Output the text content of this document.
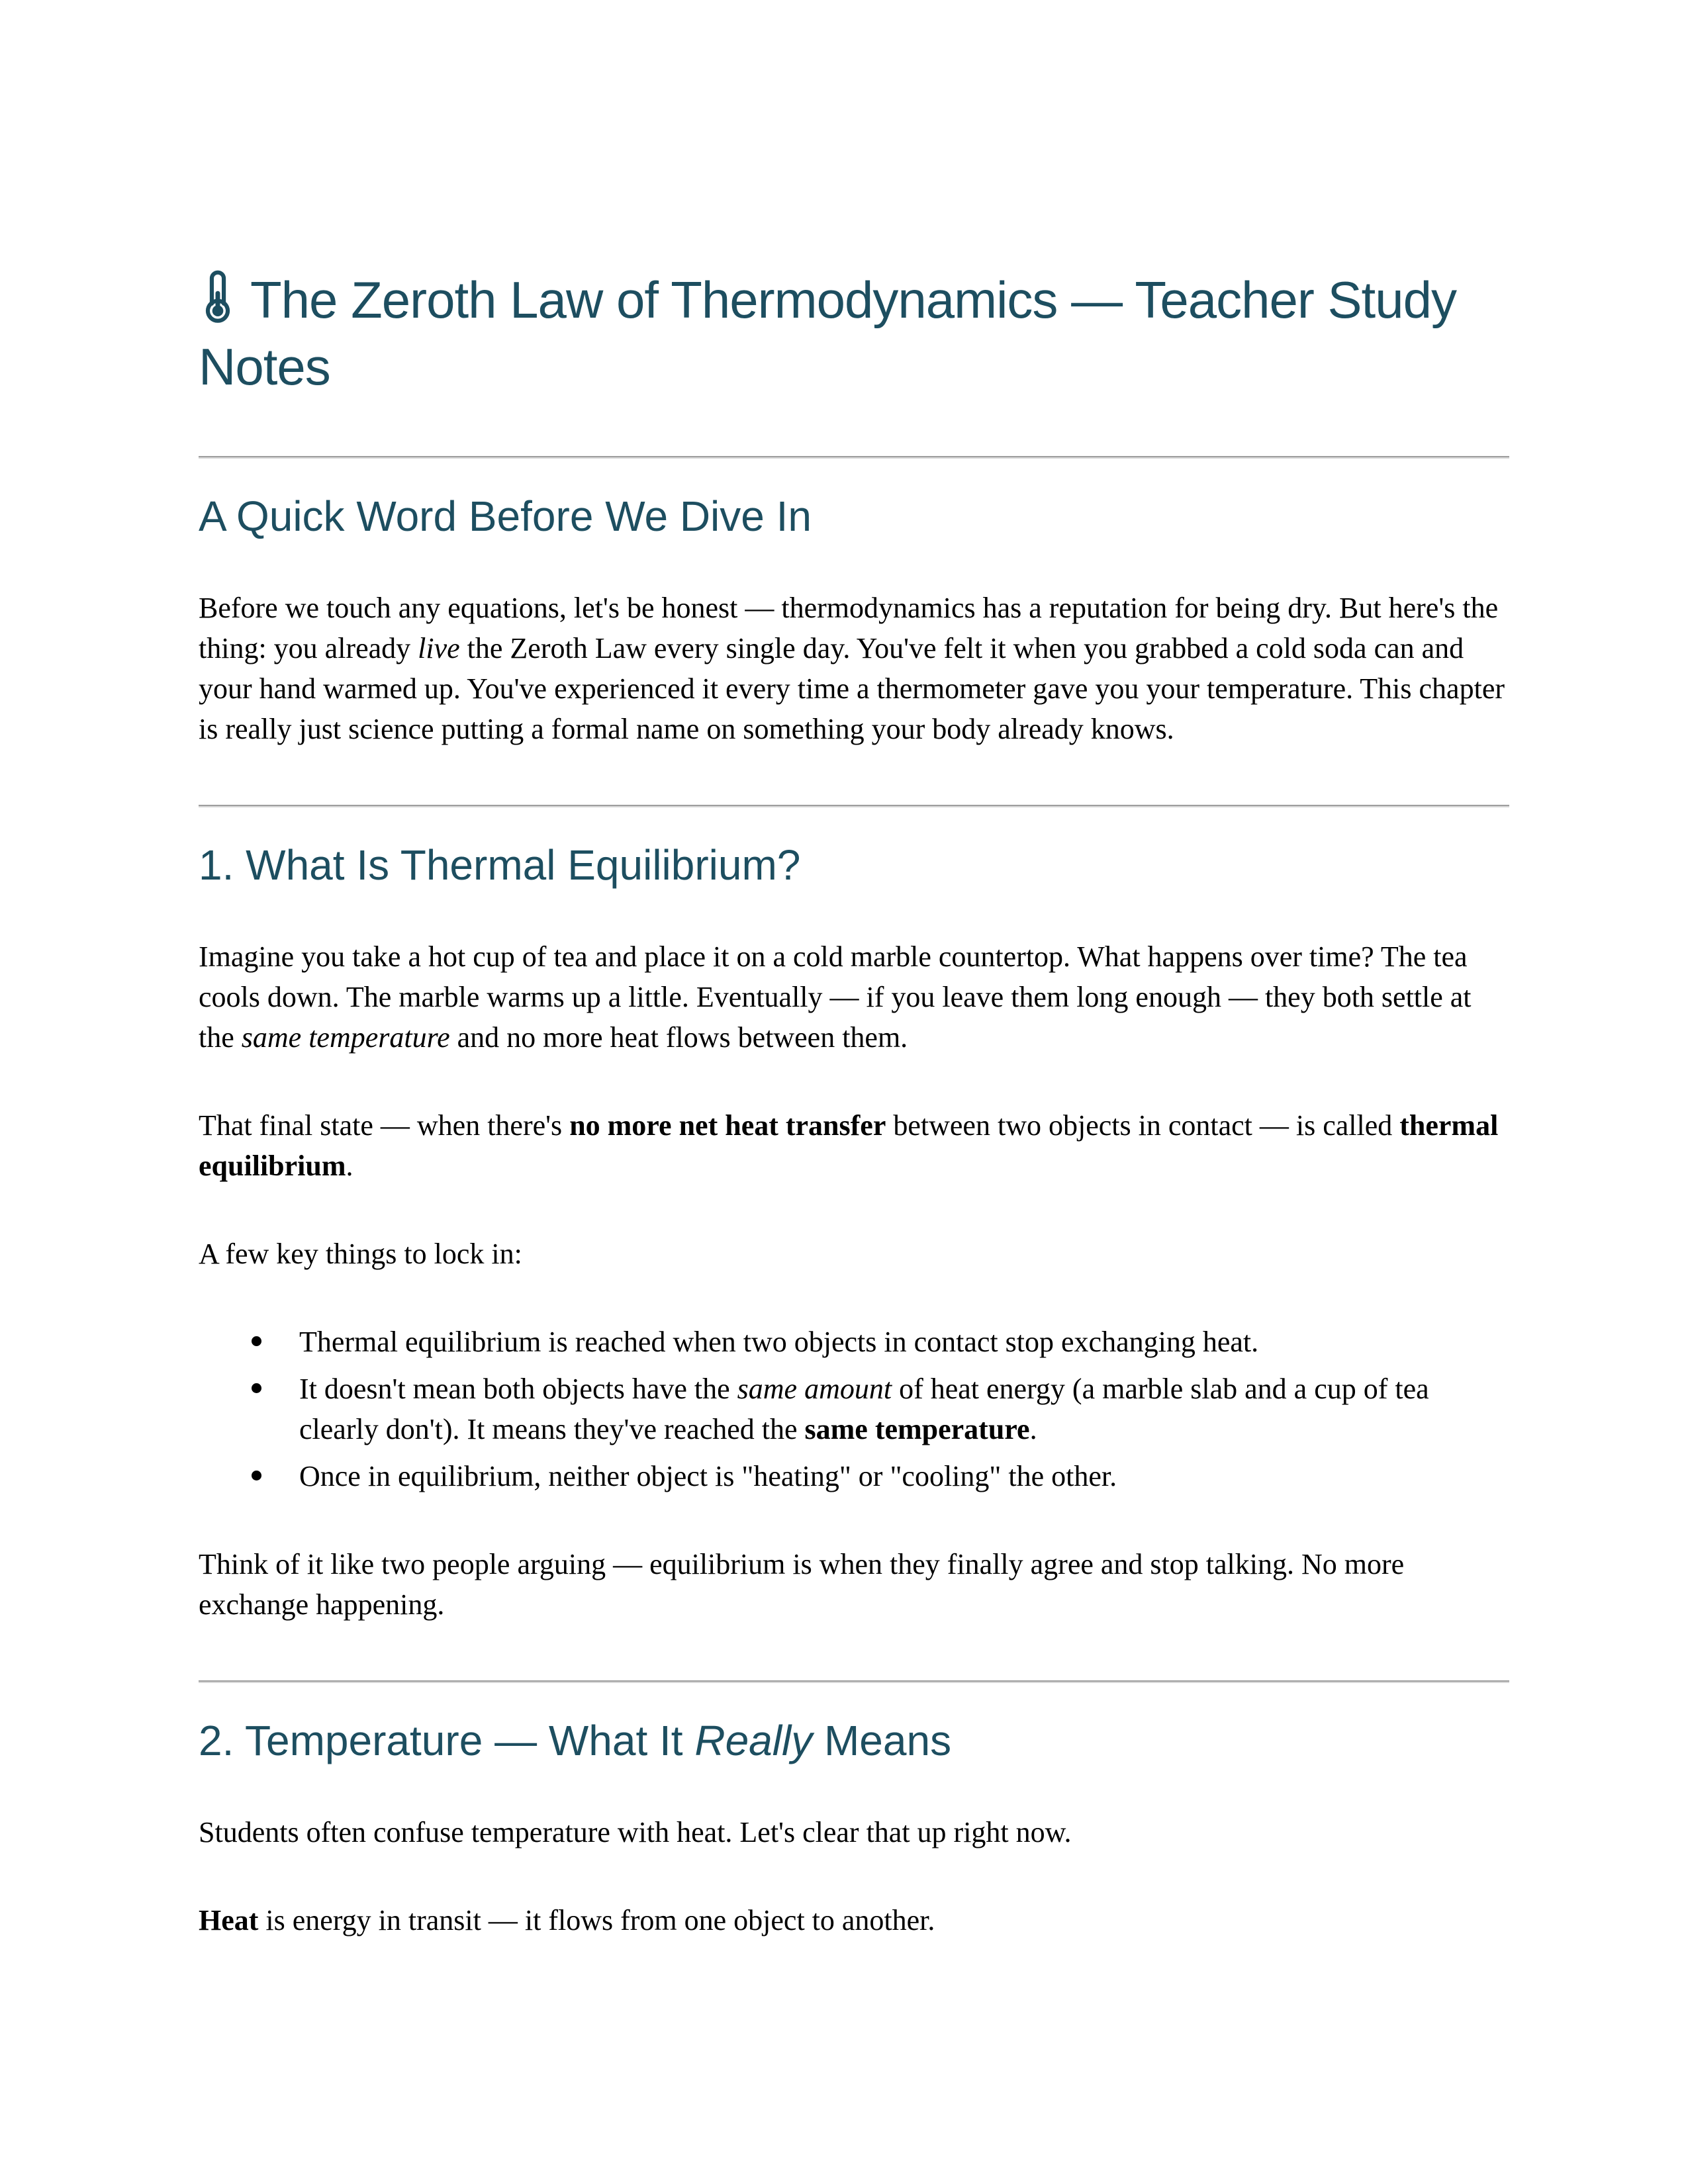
The Zeroth Law of Thermodynamics — Teacher Study Notes
A Quick Word Before We Dive In

Before we touch any equations, let's be honest — thermodynamics has a reputation for being dry. But here's the thing: you already live the Zeroth Law every single day. You've felt it when you grabbed a cold soda can and your hand warmed up. You've experienced it every time a thermometer gave you your temperature. This chapter is really just science putting a formal name on something your body already knows.

1. What Is Thermal Equilibrium?

Imagine you take a hot cup of tea and place it on a cold marble countertop. What happens over time? The tea cools down. The marble warms up a little. Eventually — if you leave them long enough — they both settle at the same temperature and no more heat flows between them.

That final state — when there's no more net heat transfer between two objects in contact — is called thermal equilibrium.

A few key things to lock in:

Thermal equilibrium is reached when two objects in contact stop exchanging heat.
It doesn't mean both objects have the same amount of heat energy (a marble slab and a cup of tea clearly don't). It means they've reached the same temperature.
Once in equilibrium, neither object is "heating" or "cooling" the other.

Think of it like two people arguing — equilibrium is when they finally agree and stop talking. No more exchange happening.

2. Temperature — What It Really Means

Students often confuse temperature with heat. Let's clear that up right now.

Heat is energy in transit — it flows from one object to another.
